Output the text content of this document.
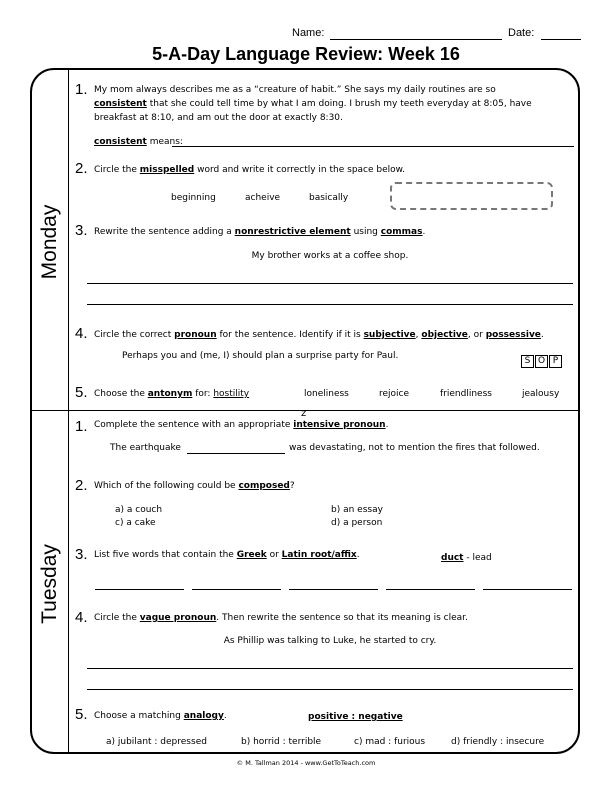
Name:	Date:
5-A-Day Language Review: Week 16
Monday
Tuesday
1. My mom always describes me as a “creature of habit.” She says my daily routines are so
consistent that she could tell time by what I am doing. I brush my teeth everyday at 8:05, have
breakfast at 8:10, and am out the door at exactly 8:30.
consistent means:
2. Circle the misspelled word and write it correctly in the space below.
beginning	acheive	basically
3. Rewrite the sentence adding a nonrestrictive element using commas.
My brother works at a coffee shop.
4. Circle the correct pronoun for the sentence. Identify if it is subjective, objective, or possessive.
Perhaps you and (me, I) should plan a surprise party for Paul.	S O P
5. Choose the antonym for: hostility	loneliness	rejoice	friendliness	jealousy
z
1. Complete the sentence with an appropriate intensive pronoun.
The earthquake	was devastating, not to mention the fires that followed.
2. Which of the following could be composed?
a) a couch	b) an essay
c) a cake	d) a person
3. List five words that contain the Greek or Latin root/affix.	duct - lead
4. Circle the vague pronoun. Then rewrite the sentence so that its meaning is clear.
As Phillip was talking to Luke, he started to cry.
5. Choose a matching analogy.	positive : negative
a) jubilant : depressed	b) horrid : terrible	c) mad : furious	d) friendly : insecure
© M. Tallman 2014 - www.GetToTeach.com
